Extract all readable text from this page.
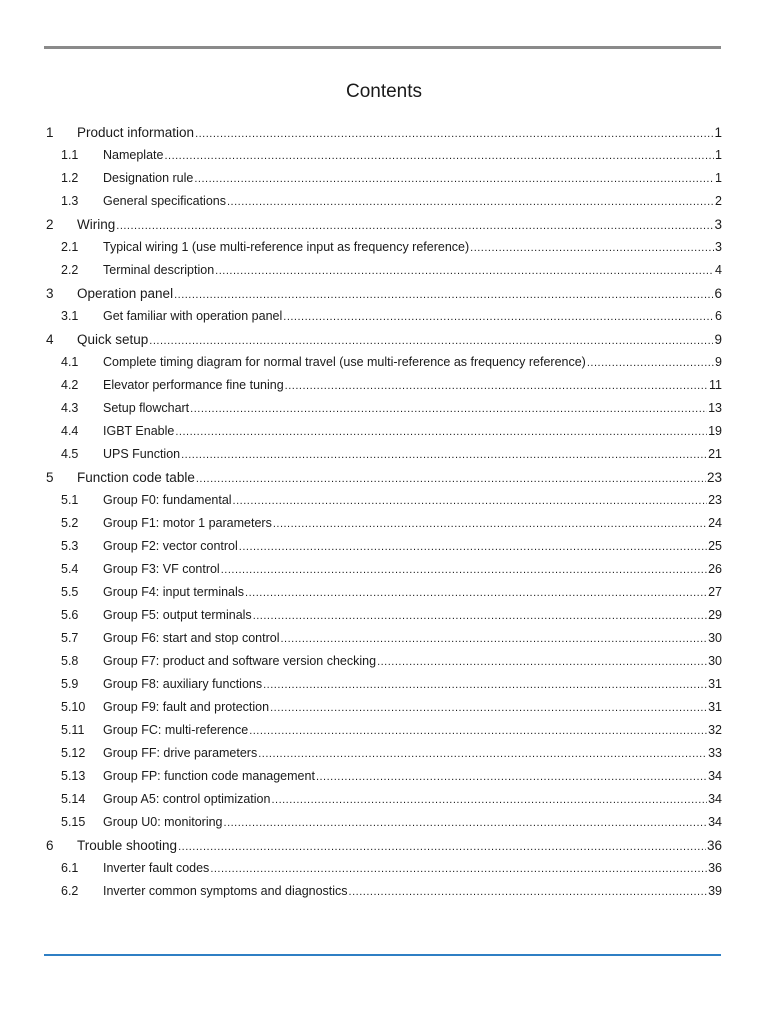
Contents
1 Product information .....	1
1.1 Nameplate .....	1
1.2 Designation rule .....	1
1.3 General specifications .....	2
2 Wiring .....	3
2.1 Typical wiring 1 (use multi-reference input as frequency reference) .....	3
2.2 Terminal description .....	4
3 Operation panel .....	6
3.1 Get familiar with operation panel .....	6
4 Quick setup .....	9
4.1 Complete timing diagram for normal travel (use multi-reference as frequency reference) .....	9
4.2 Elevator performance fine tuning .....	11
4.3 Setup flowchart .....	13
4.4 IGBT Enable .....	19
4.5 UPS Function .....	21
5 Function code table .....	23
5.1 Group F0: fundamental .....	23
5.2 Group F1: motor 1 parameters .....	24
5.3 Group F2: vector control .....	25
5.4 Group F3: VF control .....	26
5.5 Group F4: input terminals .....	27
5.6 Group F5: output terminals .....	29
5.7 Group F6: start and stop control .....	30
5.8 Group F7: product and software version checking .....	30
5.9 Group F8: auxiliary functions .....	31
5.10 Group F9: fault and protection .....	31
5.11 Group FC: multi-reference .....	32
5.12 Group FF: drive parameters .....	33
5.13 Group FP: function code management .....	34
5.14 Group A5: control optimization .....	34
5.15 Group U0: monitoring .....	34
6 Trouble shooting .....	36
6.1 Inverter fault codes .....	36
6.2 Inverter common symptoms and diagnostics .....	39
